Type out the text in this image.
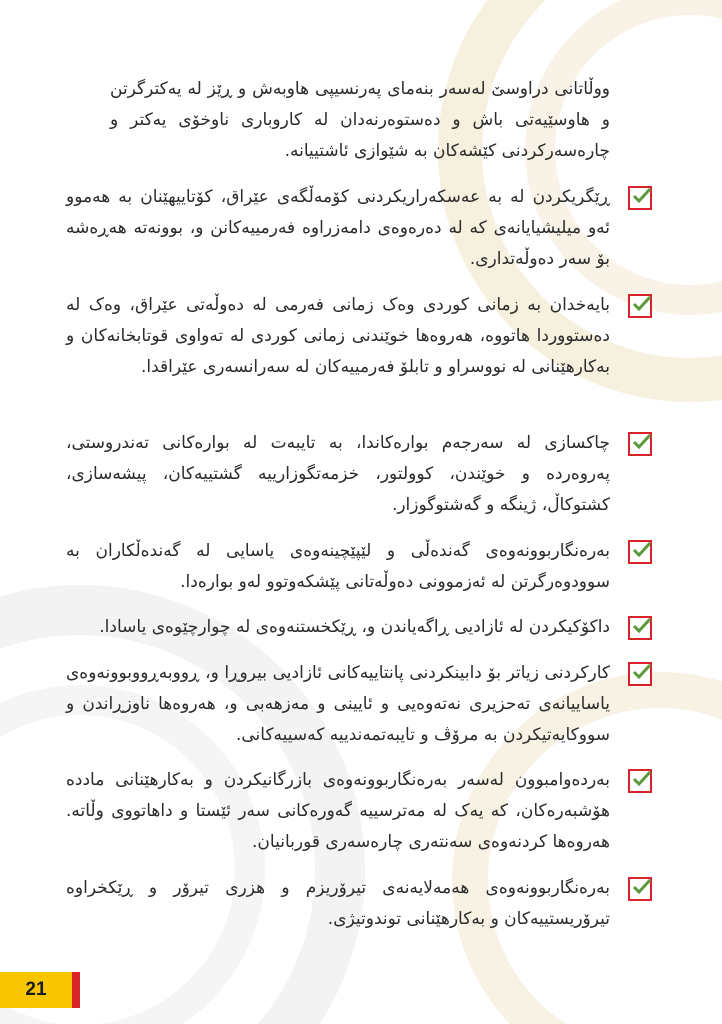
ووڵاتانی دراوسێ لەسەر بنەمای پەرنسیپی هاوبەش و ڕێز لە یەکترگرتن و هاوسێیەتی باش و دەستوەرنەدان لە کاروباری ناوخۆی یەکتر و چارەسەرکردنی کێشەکان بە شێوازی ئاشتییانە.

ڕێگریکردن لە بە عەسکەراریکردنی کۆمەڵگەی عێراق، کۆتاییهێنان بە هەموو ئەو میلیشیایانەی کە لە دەرەوەی دامەزراوە فەرمییەکانن و، بوونەتە هەڕەشە بۆ سەر دەوڵەتداری.
بایەخدان بە زمانی کوردی وەک زمانی فەرمی لە دەوڵەتی عێراق، وەک لە دەستووردا هاتووە، هەروەها خوێندنی زمانی کوردی لە تەواوی قوتابخانەکان و بەکارهێنانی لە نووسراو و تابلۆ فەرمییەکان لە سەرانسەری عێراقدا.
چاکسازی لە سەرجەم بوارەکاندا، بە تایبەت لە بوارەکانی تەندروستی، پەروەردە و خوێندن، کوولتور، خزمەتگوزارییە گشتییەکان، پیشەسازی، کشتوکاڵ، ژینگە و گەشتوگوزار.
بەرەنگاربوونەوەی گەندەڵی و لێپێچینەوەی یاسایی لە گەندەڵکاران بە سوودوەرگرتن لە ئەزموونی دەوڵەتانی پێشکەوتوو لەو بوارەدا.
داکۆکیکردن لە ئازادیی ڕاگەیاندن و، ڕێکخستنەوەی لە چوارچێوەی یاسادا.
کارکردنی زیاتر بۆ دابینکردنی پانتاییەکانی ئازادیی بیروڕا و، ڕووبەڕووبوونەوەی یاساییانەی تەحزیری نەتەوەیی و ئایینی و مەزهەبی و، هەروەها ناوزڕاندن و سووکایەتیکردن بە مرۆڤ و تایبەتمەندییە کەسییەکانی.
بەردەوامبوون لەسەر بەرەنگاربوونەوەی بازرگانیکردن و بەکارهێنانی ماددە هۆشبەرەکان، کە یەک لە مەترسییە گەورەکانی سەر ئێستا و داهاتووی وڵاتە. هەروەها کردنەوەی سەنتەری چارەسەری قوربانیان.
بەرەنگاربوونەوەی هەمەلایەنەی تیرۆریزم و هزری تیرۆر و ڕێکخراوە تیرۆریستییەکان و بەکارهێنانی توندوتیژی.
21
